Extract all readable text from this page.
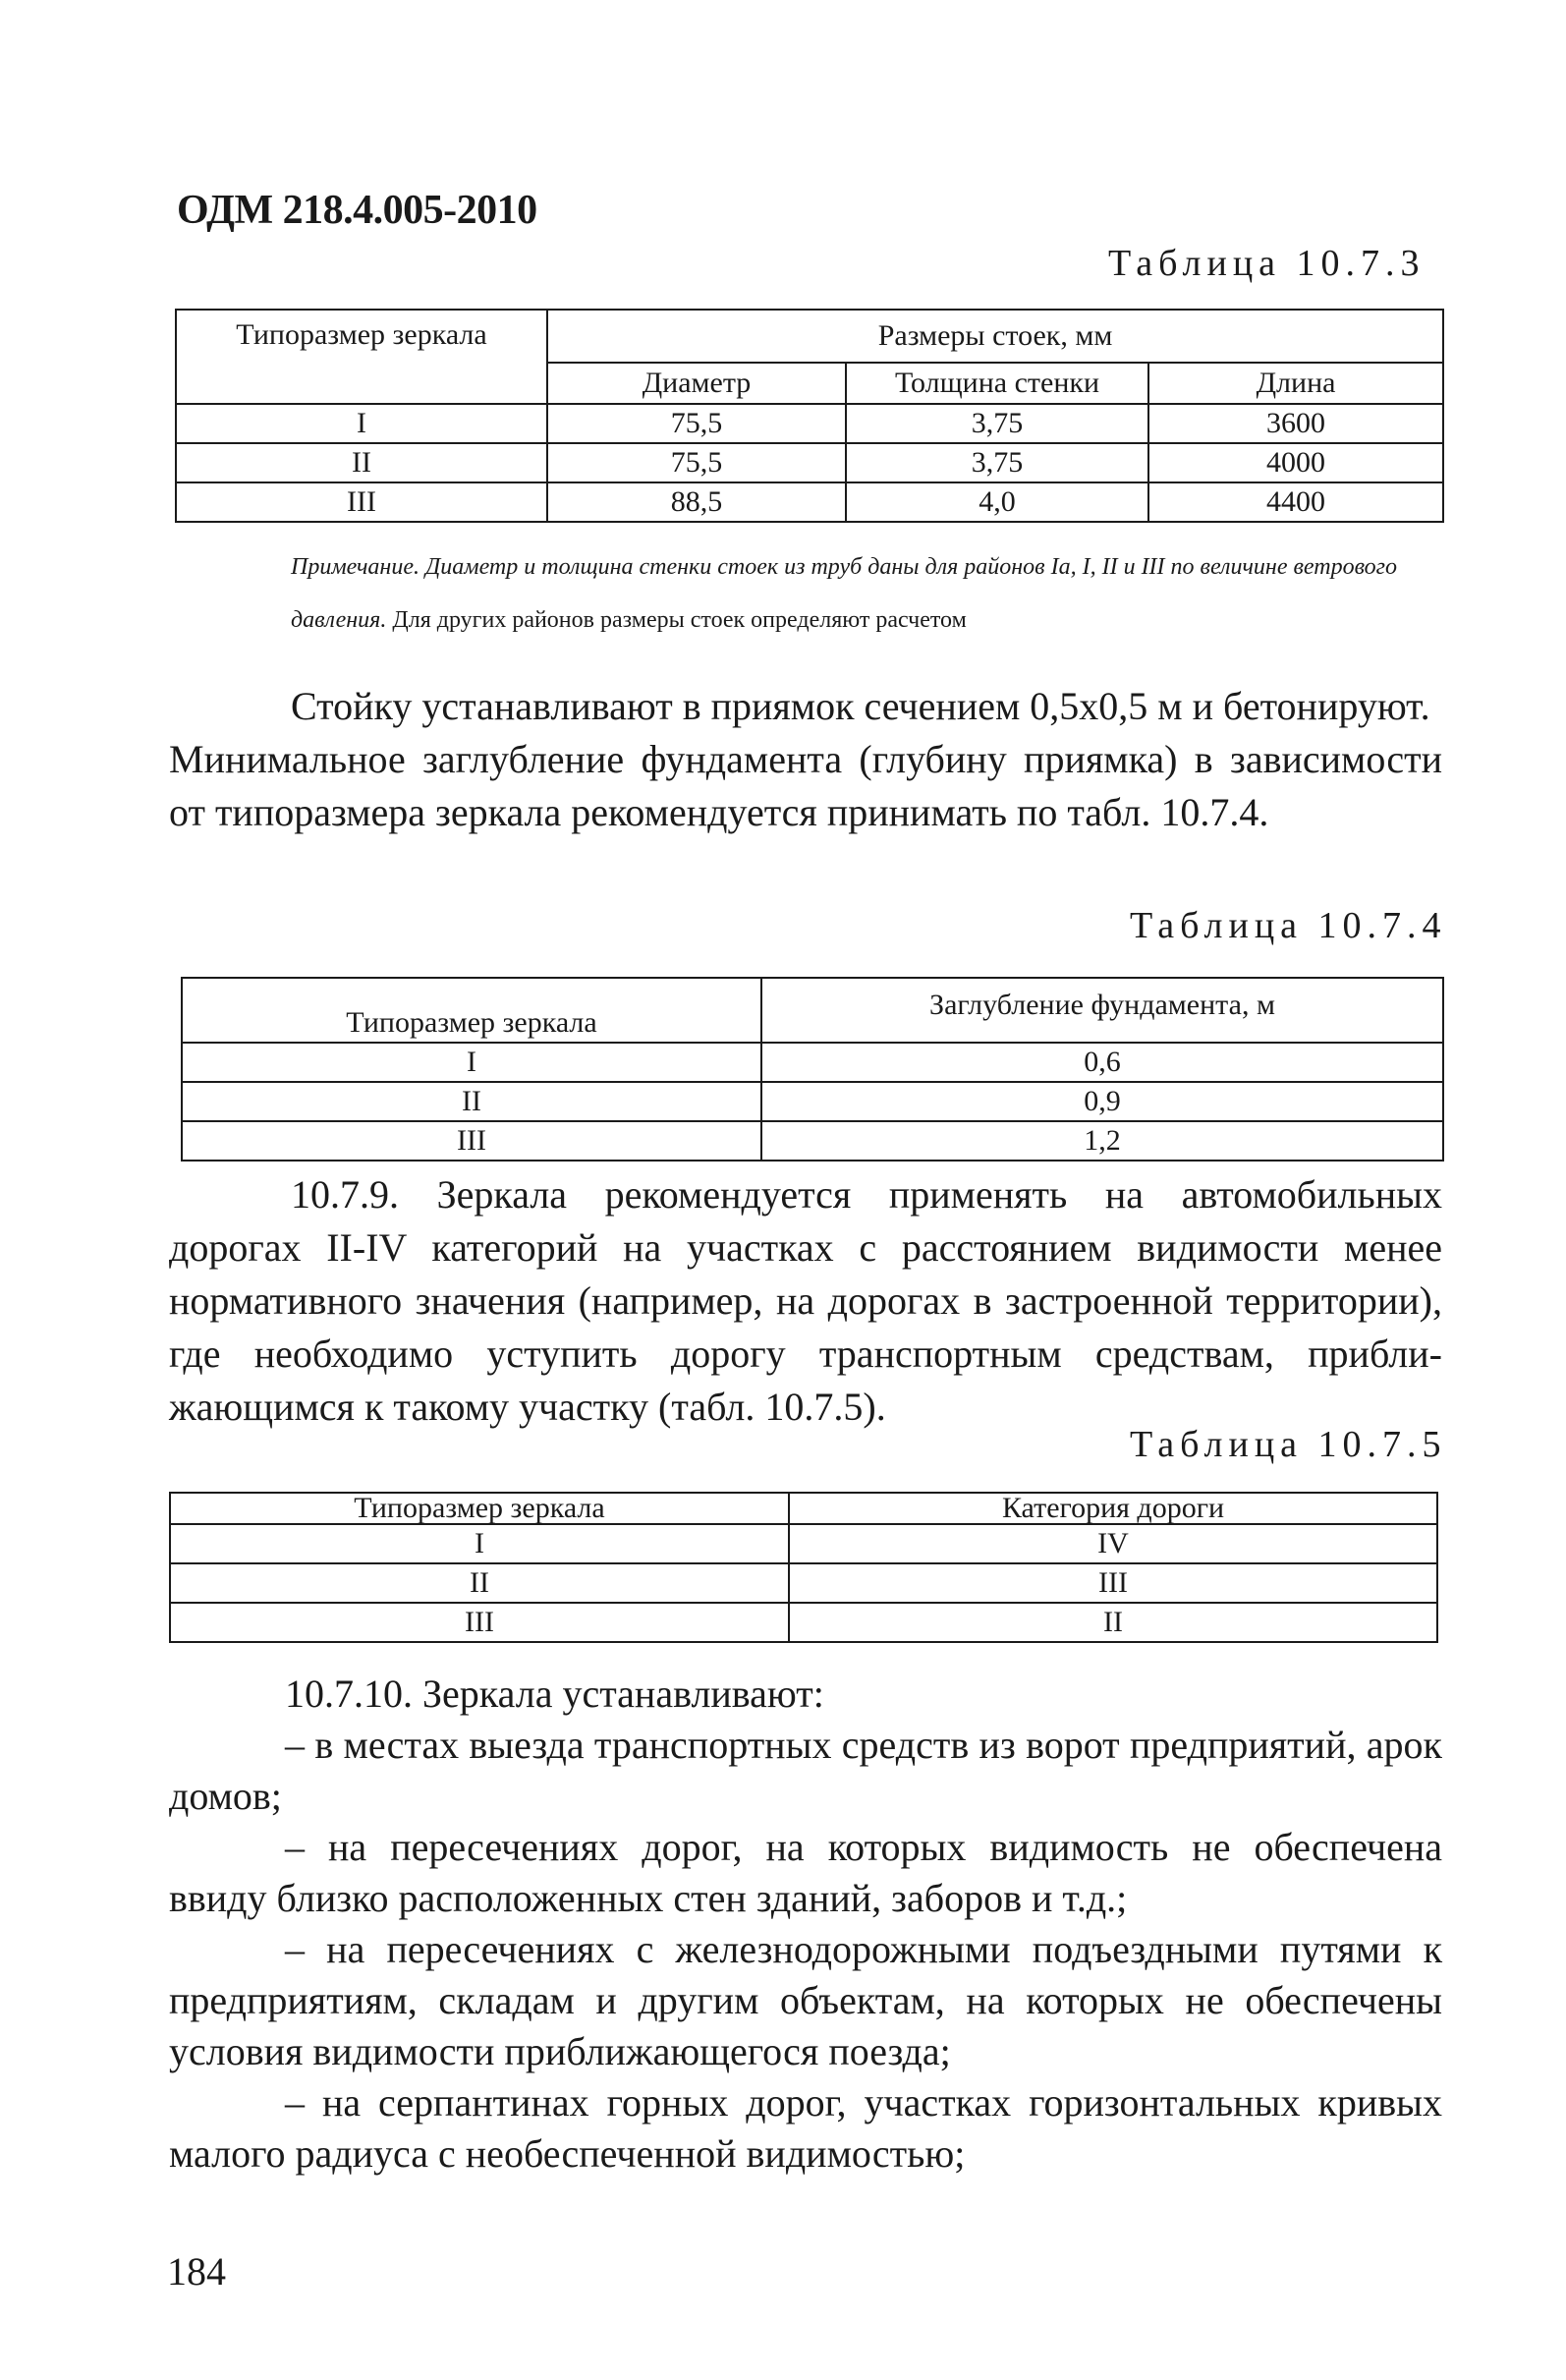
ОДМ 218.4.005-2010
Таблица 10.7.3
Типоразмер зеркала	Размеры стоек, мм		
	Диаметр	Толщина стенки	Длина
I	75,5	3,75	3600
II	75,5	3,75	4000
III	88,5	4,0	4400
Примечание. Диаметр и толщина стенки стоек из труб даны для районов Iа, I, II и III по величине ветрового давления. Для других районов размеры стоек определяют расчетом
Стойку устанавливают в приямок сечением 0,5х0,5 м и бетонируют.
Минимальное заглубление фундамента (глубину приямка) в зависимости
от типоразмера зеркала рекомендуется принимать по табл. 10.7.4.
Таблица 10.7.4
Типоразмер зеркала	Заглубление фундамента, м
I	0,6
II	0,9
III	1,2
10.7.9. Зеркала рекомендуется применять на автомобильных
дорогах II-IV категорий на участках с расстоянием видимости менее
нормативного значения (например, на дорогах в застроенной территории),
где необходимо уступить дорогу транспортным средствам, прибли-
жающимся к такому участку (табл. 10.7.5).
Таблица 10.7.5
Типоразмер зеркала	Категория дороги
I	IV
II	III
III	II
10.7.10. Зеркала устанавливают:
– в местах выезда транспортных средств из ворот предприятий, арок
домов;
– на пересечениях дорог, на которых видимость не обеспечена
ввиду близко расположенных стен зданий, заборов и т.д.;
– на пересечениях с железнодорожными подъездными путями к
предприятиям, складам и другим объектам, на которых не обеспечены
условия видимости приближающегося поезда;
– на серпантинах горных дорог, участках горизонтальных кривых
малого радиуса с необеспеченной видимостью;
184
